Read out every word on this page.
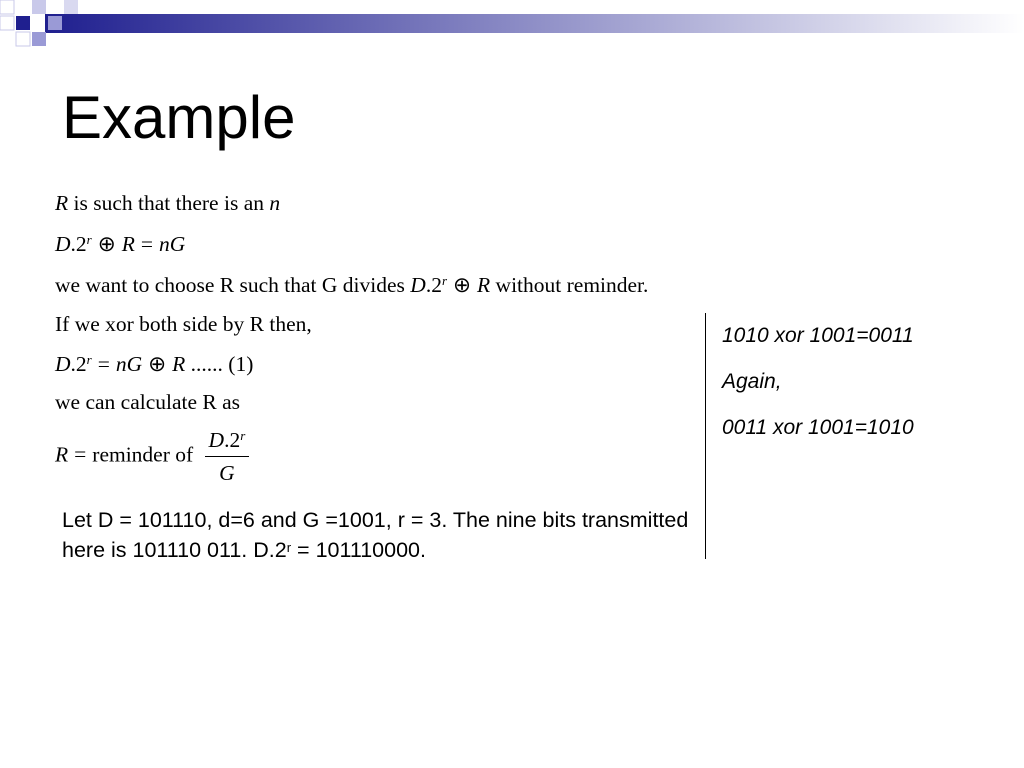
Example
R is such that there is an n
D.2$^r$ ⊕ R = nG
we want to choose R such that G divides D.2$^r$ ⊕ R without reminder.
If we xor both side by R then,
$D.2^r$ = nG ⊕ R ...... (1)
we can calculate R as
R = reminder of $\frac{D.2^r}{G}$
1010 xor 1001=0011
Again,
0011 xor 1001=1010
Let D = 101110, d=6 and G =1001, r = 3. The nine bits transmitted here is 101110 011. $D.2^r = 101110000$.
